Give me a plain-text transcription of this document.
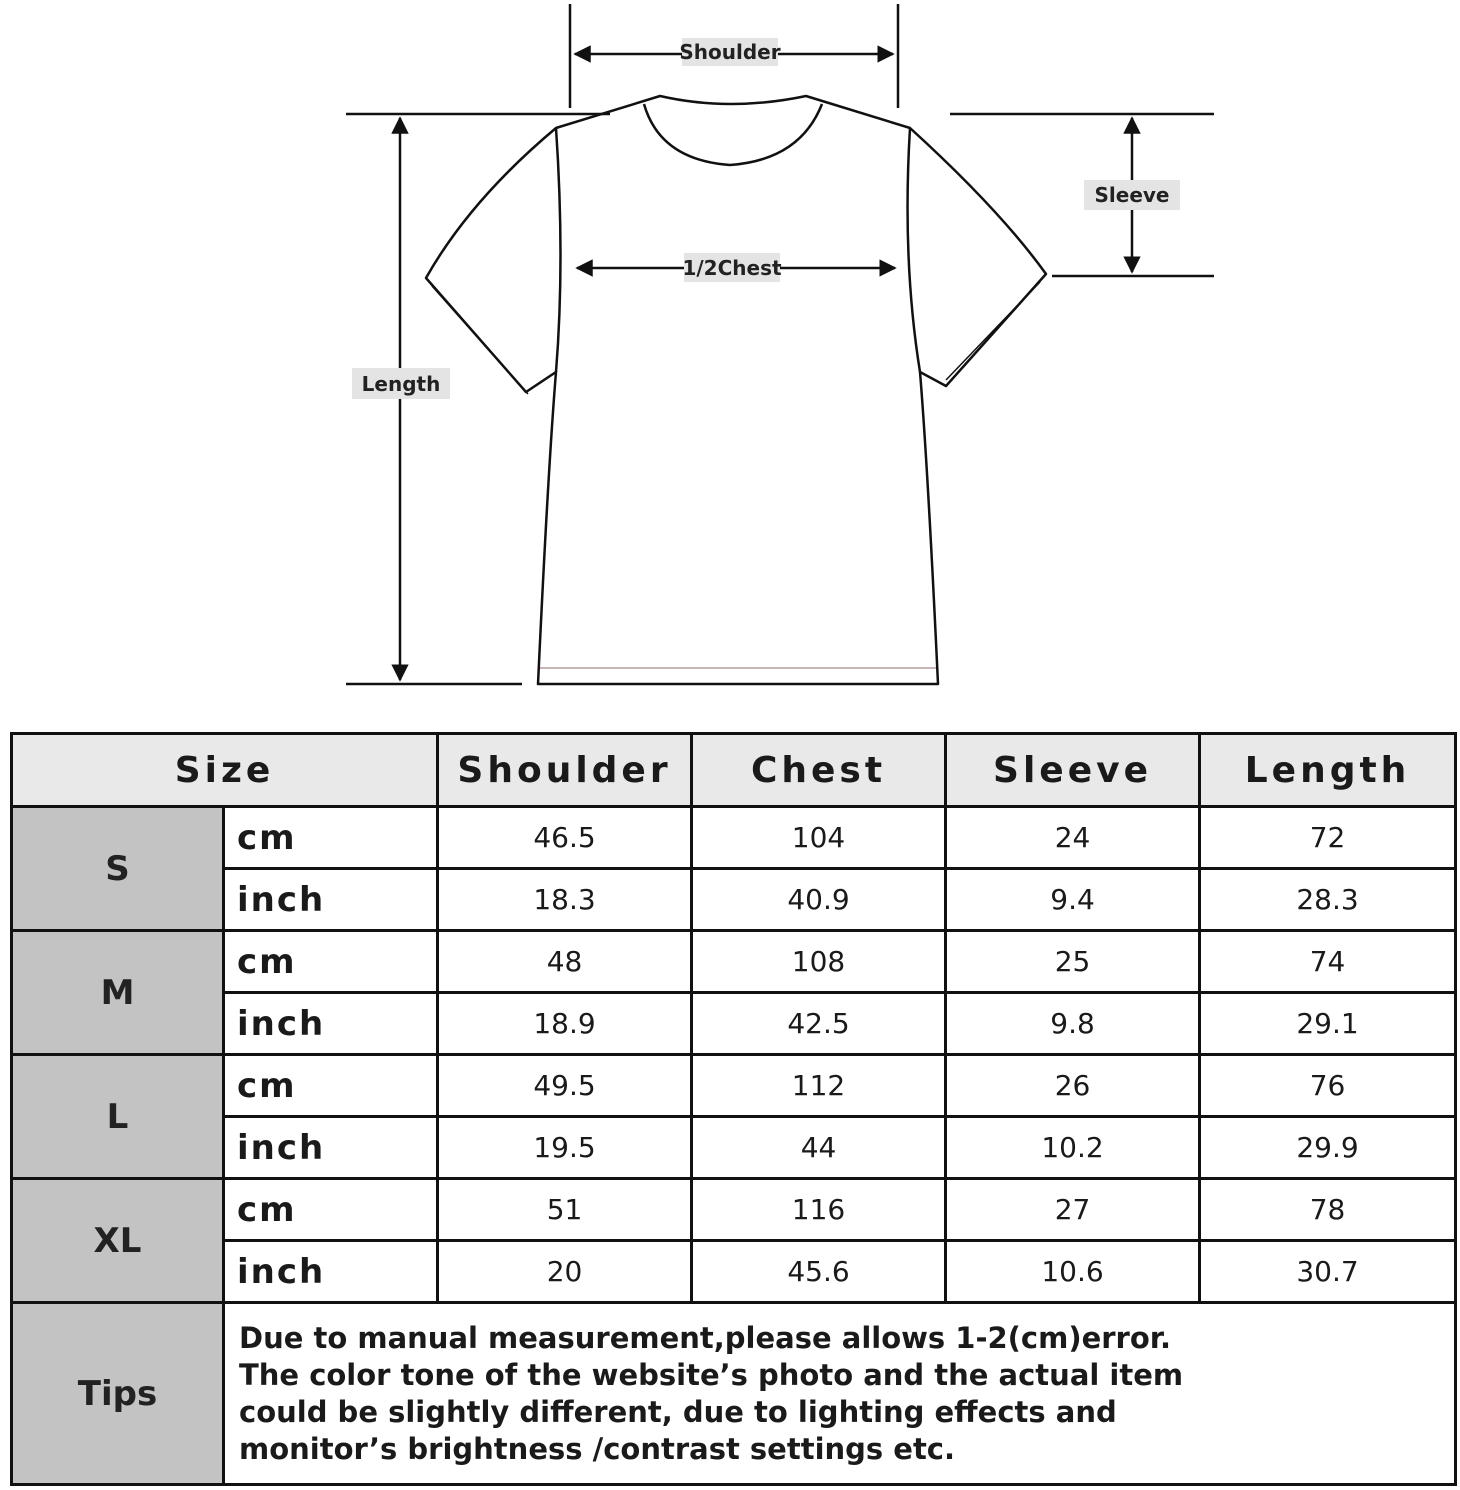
Shoulder
Sleeve
1/2Chest
Length
Size		Shoulder	Chest	Sleeve	Length
S	cm	46.5	104	24	72
	inch	18.3	40.9	9.4	28.3
M	cm	48	108	25	74
	inch	18.9	42.5	9.8	29.1
L	cm	49.5	112	26	76
	inch	19.5	44	10.2	29.9
XL	cm	51	116	27	78
	inch	20	45.6	10.6	30.7
Tips	Due to manual measurement,please allows 1-2(cm)error.
The color tone of the website’s photo and the actual item
could be slightly different, due to lighting effects and
monitor’s brightness /contrast settings etc.				
